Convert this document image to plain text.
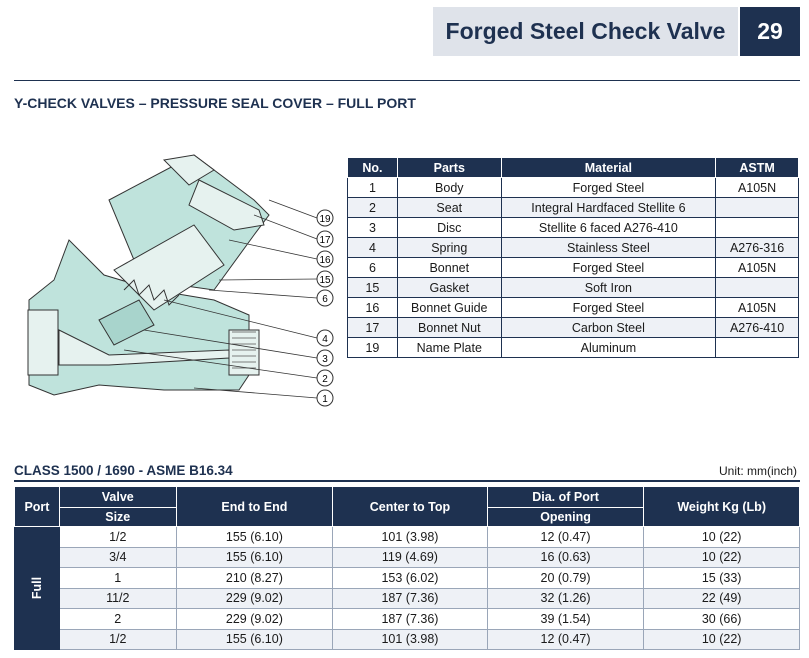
Forged Steel Check Valve	29
Y-CHECK VALVES – PRESSURE SEAL COVER – FULL PORT
19
17
16
15
6
4
3
2
1
No.	Parts	Material	ASTM
1	Body	Forged Steel	A105N
2	Seat	Integral Hardfaced Stellite 6	
3	Disc	Stellite 6 faced A276-410	
4	Spring	Stainless Steel	A276-316
6	Bonnet	Forged Steel	A105N
15	Gasket	Soft Iron	
16	Bonnet Guide	Forged Steel	A105N
17	Bonnet Nut	Carbon Steel	A276-410
19	Name Plate	Aluminum	
CLASS 1500 / 1690 - ASME B16.34	Unit: mm(inch)
Port	Valve	End to End	Center to Top	Dia. of Port	Weight Kg (Lb)
	Size			Opening	
Full	1/2	155 (6.10)	101 (3.98)	12 (0.47)	10 (22)
	3/4	155 (6.10)	119 (4.69)	16 (0.63)	10 (22)
	1	210 (8.27)	153 (6.02)	20 (0.79)	15 (33)
	11/2	229 (9.02)	187 (7.36)	32 (1.26)	22 (49)
	2	229 (9.02)	187 (7.36)	39 (1.54)	30 (66)
	1/2	155 (6.10)	101 (3.98)	12 (0.47)	10 (22)
